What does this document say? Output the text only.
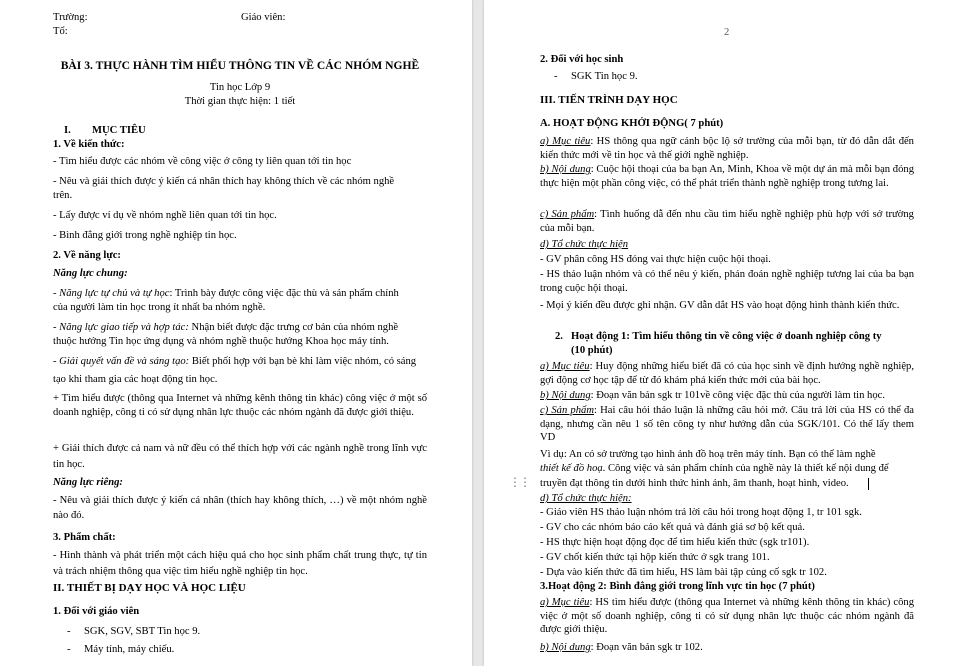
Trường:	Giáo viên:
Tổ:
BÀI 3. THỰC HÀNH TÌM HIỂU THÔNG TIN VỀ CÁC NHÓM NGHỀ
Tin học Lớp 9
Thời gian thực hiện: 1 tiết
I. MỤC TIÊU
1. Về kiến thức:
- Tìm hiểu được các nhóm về công việc ở công ty liên quan tới tin học
- Nêu và giải thích được ý kiến cá nhân thích hay không thích về các nhóm nghề
trên.
- Lấy được ví dụ về nhóm nghề liên quan tới tin học.
- Bình đẳng giới trong nghề nghiệp tin học.
2. Về năng lực:
Năng lực chung:
- Năng lực tự chủ và tự học: Trình bày được công việc đặc thù và sản phẩm chính
của người làm tin học trong ít nhất ba nhóm nghề.
- Năng lực giao tiếp và hợp tác: Nhận biết được đặc trưng cơ bản của nhóm nghề
thuộc hướng Tin học ứng dụng và nhóm nghề thuộc hướng Khoa học máy tính.
- Giải quyết vấn đề và sáng tạo: Biết phối hợp với bạn bè khi làm việc nhóm, có sáng
tạo khi tham gia các hoạt động tin học.
+ Tìm hiểu được (thông qua Internet và những kênh thông tin khác) công việc ở một số doanh nghiệp, công ti có sử dụng nhân lực thuộc các nhóm ngành đã được giới thiệu.
+ Giải thích được cả nam và nữ đều có thể thích hợp với các ngành nghề trong lĩnh vực tin học.
Năng lực riêng:
- Nêu và giải thích được ý kiến cá nhân (thích hay không thích, …) về một nhóm nghề nào đó.
3. Phẩm chất:
- Hình thành và phát triển một cách hiệu quả cho học sinh phẩm chất trung thực, tự tin và trách nhiệm thông qua việc tìm hiểu nghề nghiệp tin học.
II. THIẾT BỊ DẠY HỌC VÀ HỌC LIỆU
1. Đối với giáo viên
- SGK, SGV, SBT Tin học 9.
- Máy tính, máy chiếu.
2
2. Đối với học sinh
- SGK Tin học 9.
III. TIẾN TRÌNH DẠY HỌC
A. HOẠT ĐỘNG KHỞI ĐỘNG( 7 phút)
a) Mục tiêu: HS thông qua ngữ cảnh bộc lộ sở trường của mỗi bạn, từ đó dẫn dắt đến kiến thức mới về tin học và thế giới nghề nghiệp.
b) Nội dung: Cuộc hội thoại của ba bạn An, Minh, Khoa về một dự án mà mỗi bạn đóng thực hiện một phần công việc, có thể phát triển thành nghề nghiệp trong tương lai.
c) Sản phẩm: Tình huống dẫ đến nhu cầu tìm hiểu nghề nghiệp phù hợp với sở trường của mỗi bạn.
d) Tổ chức thực hiện
- GV phân công HS đóng vai thực hiện cuộc hội thoại.
- HS thảo luận nhóm và có thể nêu ý kiến, phán đoán nghề nghiệp tương lai của ba bạn trong cuộc hội thoại.
- Mọi ý kiến đều được ghi nhận. GV dẫn dắt HS vào hoạt động hình thành kiến thức.
2. Hoạt động 1: Tìm hiểu thông tin về công việc ở doanh nghiệp công ty
(10 phút)
a) Mục tiêu: Huy động những hiểu biết đã có của học sinh về định hướng nghề nghiệp, gợi động cơ học tập để từ đó khám phá kiến thức mới của bài học.
b) Nội dung: Đoạn văn bản sgk tr 101về công việc đặc thù của người làm tin học.
c) Sản phẩm: Hai câu hỏi thảo luận là những câu hỏi mở. Câu trả lời của HS có thể đa dạng, nhưng cần nêu 1 số tên công ty như hướng dẫn của SGK/101. Có thể lấy them VD
Vì dụ: An có sở trường tạo hình ảnh đồ hoạ trên máy tính. Bạn có thể làm nghề
thiết kế đồ hoạ. Công việc và sản phẩm chính của nghề này là thiết kế nội dung để
truyền đạt thông tin dưới hình thức hình ảnh, âm thanh, hoạt hình, video.
⋮⋮
d) Tổ chức thực hiện:
- Giáo viên HS thảo luận nhóm trả lời câu hỏi trong hoạt động 1, tr 101 sgk.
- GV cho các nhóm báo cáo kết quả và đánh giá sơ bộ kết quả.
- HS thực hiện hoạt động đọc để tìm hiểu kiến thức (sgk tr101).
- GV chốt kiến thức tại hộp kiến thức ở sgk trang 101.
- Dựa vào kiến thức đã tìm hiểu, HS làm bài tập củng cố sgk tr 102.
3.Hoạt động 2: Bình đẳng giới trong lĩnh vực tin học (7 phút)
a) Mục tiêu: HS tìm hiểu được (thông qua Internet và những kênh thông tin khác) công việc ở một số doanh nghiệp, công ti có sử dụng nhân lực thuộc các nhóm ngành đã được giới thiệu.
b) Nội dung: Đoạn văn bản sgk tr 102.
